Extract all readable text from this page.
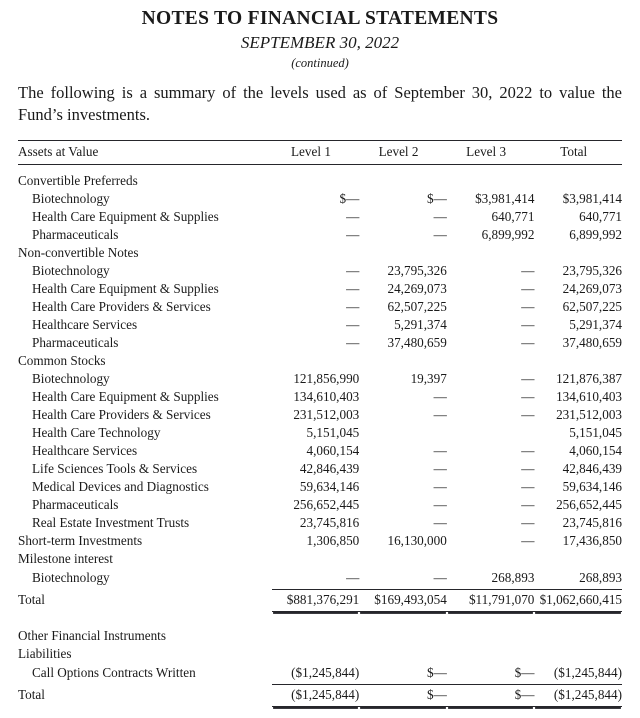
NOTES TO FINANCIAL STATEMENTS
SEPTEMBER 30, 2022
(continued)

The following is a summary of the levels used as of September 30, 2022 to value the Fund’s investments.

Assets at Value	Level 1	Level 2	Level 3	Total

Convertible Preferreds				
Biotechnology	$—	$—	$3,981,414	$3,981,414
Health Care Equipment & Supplies	—	—	640,771	640,771
Pharmaceuticals	—	—	6,899,992	6,899,992
Non-convertible Notes				
Biotechnology	—	23,795,326	—	23,795,326
Health Care Equipment & Supplies	—	24,269,073	—	24,269,073
Health Care Providers & Services	—	62,507,225	—	62,507,225
Healthcare Services	—	5,291,374	—	5,291,374
Pharmaceuticals	—	37,480,659	—	37,480,659
Common Stocks				
Biotechnology	121,856,990	19,397	—	121,876,387
Health Care Equipment & Supplies	134,610,403	—	—	134,610,403
Health Care Providers & Services	231,512,003	—	—	231,512,003
Health Care Technology	5,151,045			5,151,045
Healthcare Services	4,060,154	—	—	4,060,154
Life Sciences Tools & Services	42,846,439	—	—	42,846,439
Medical Devices and Diagnostics	59,634,146	—	—	59,634,146
Pharmaceuticals	256,652,445	—	—	256,652,445
Real Estate Investment Trusts	23,745,816	—	—	23,745,816
Short-term Investments	1,306,850	16,130,000	—	17,436,850
Milestone interest				
Biotechnology	—	—	268,893	268,893

Total	$881,376,291	$169,493,054	$11,791,070	$1,062,660,415

Other Financial Instruments				
Liabilities				
Call Options Contracts Written	($1,245,844)	$—	$—	($1,245,844)

Total	($1,245,844)	$—	$—	($1,245,844)
